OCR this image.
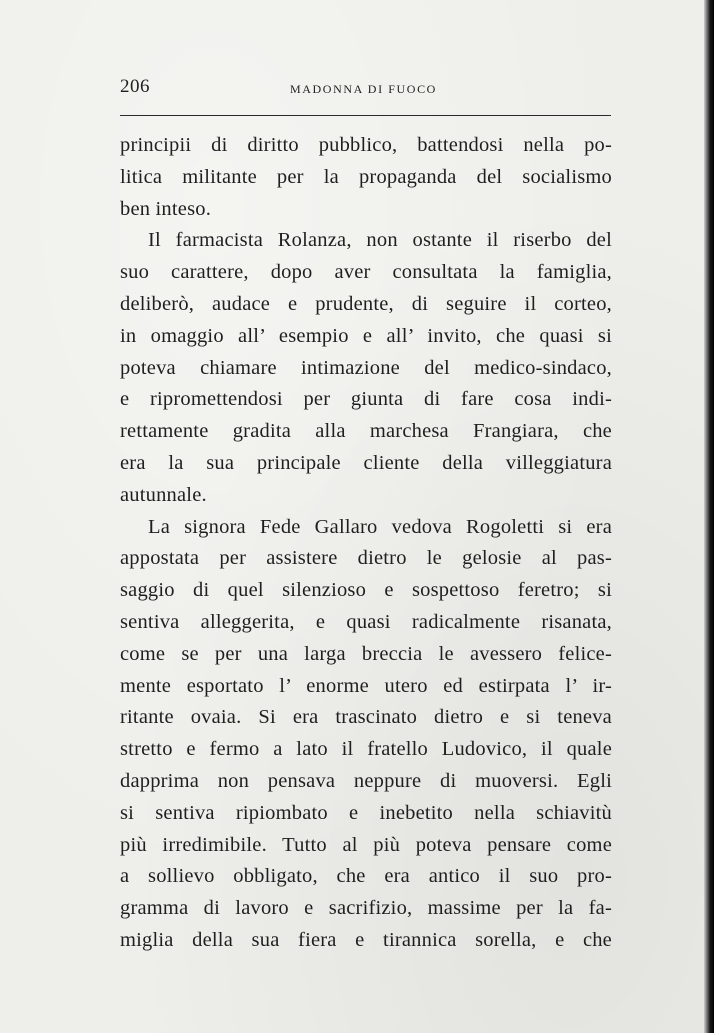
206	MADONNA DI FUOCO
principii di diritto pubblico, battendosi nella po-
litica militante per la propaganda del socialismo
ben inteso.
Il farmacista Rolanza, non ostante il riserbo del
suo carattere, dopo aver consultata la famiglia,
deliberò, audace e prudente, di seguire il corteo,
in omaggio all’ esempio e all’ invito, che quasi si
poteva chiamare intimazione del medico-sindaco,
e ripromettendosi per giunta di fare cosa indi-
rettamente gradita alla marchesa Frangiara, che
era la sua principale cliente della villeggiatura
autunnale.
La signora Fede Gallaro vedova Rogoletti si era
appostata per assistere dietro le gelosie al pas-
saggio di quel silenzioso e sospettoso feretro; si
sentiva alleggerita, e quasi radicalmente risanata,
come se per una larga breccia le avessero felice-
mente esportato l’ enorme utero ed estirpata l’ ir-
ritante ovaia. Si era trascinato dietro e si teneva
stretto e fermo a lato il fratello Ludovico, il quale
dapprima non pensava neppure di muoversi. Egli
si sentiva ripiombato e inebetito nella schiavitù
più irredimibile. Tutto al più poteva pensare come
a sollievo obbligato, che era antico il suo pro-
gramma di lavoro e sacrifizio, massime per la fa-
miglia della sua fiera e tirannica sorella, e che
